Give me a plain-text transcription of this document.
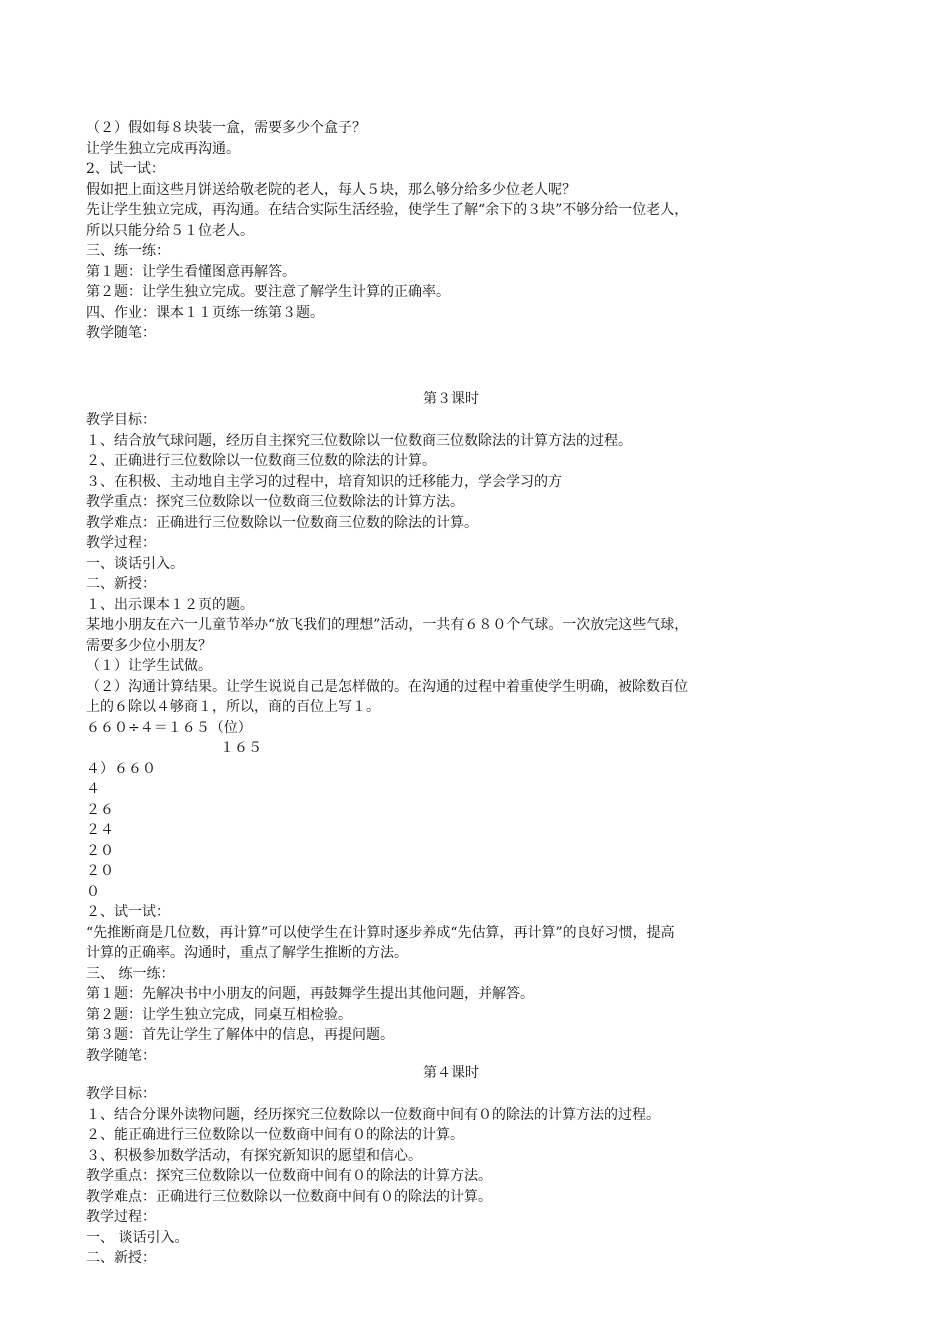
（２）假如每８块装一盒，需要多少个盒子？
让学生独立完成再沟通。
2、试一试：
假如把上面这些月饼送给敬老院的老人，每人５块，那么够分给多少位老人呢？
先让学生独立完成，再沟通。在结合实际生活经验，使学生了解“余下的３块”不够分给一位老人，
所以只能分给５１位老人。
三、练一练：
第１题：让学生看懂图意再解答。
第２题：让学生独立完成。要注意了解学生计算的正确率。
四、作业：课本１１页练一练第３题。
教学随笔：
第３课时
教学目标：
１、结合放气球问题，经历自主探究三位数除以一位数商三位数除法的计算方法的过程。
２、正确进行三位数除以一位数商三位数的除法的计算。
３、在积极、主动地自主学习的过程中，培育知识的迁移能力，学会学习的方
教学重点：探究三位数除以一位数商三位数除法的计算方法。
教学难点：正确进行三位数除以一位数商三位数的除法的计算。
教学过程：
一、谈话引入。
二、新授：
１、出示课本１２页的题。
某地小朋友在六一儿童节举办“放飞我们的理想”活动，一共有６８０个气球。一次放完这些气球，
需要多少位小朋友？
（１）让学生试做。
（２）沟通计算结果。让学生说说自己是怎样做的。在沟通的过程中着重使学生明确，被除数百位
上的６除以４够商１，所以，商的百位上写１。
６６０÷４＝１６５（位）
１６５
４）６６０
４
２６
２４
２０
２０
０
２、试一试：
“先推断商是几位数，再计算”可以使学生在计算时逐步养成“先估算，再计算”的良好习惯，提高
计算的正确率。沟通时，重点了解学生推断的方法。
三、 练一练：
第１题：先解决书中小朋友的问题，再鼓舞学生提出其他问题，并解答。
第２题：让学生独立完成，同桌互相检验。
第３题：首先让学生了解体中的信息，再提问题。
教学随笔：
第４课时
教学目标：
１、结合分课外读物问题，经历探究三位数除以一位数商中间有０的除法的计算方法的过程。
２、能正确进行三位数除以一位数商中间有０的除法的计算。
３、积极参加数学活动，有探究新知识的愿望和信心。
教学重点：探究三位数除以一位数商中间有０的除法的计算方法。
教学难点：正确进行三位数除以一位数商中间有０的除法的计算。
教学过程：
一、 谈话引入。
二、新授：
